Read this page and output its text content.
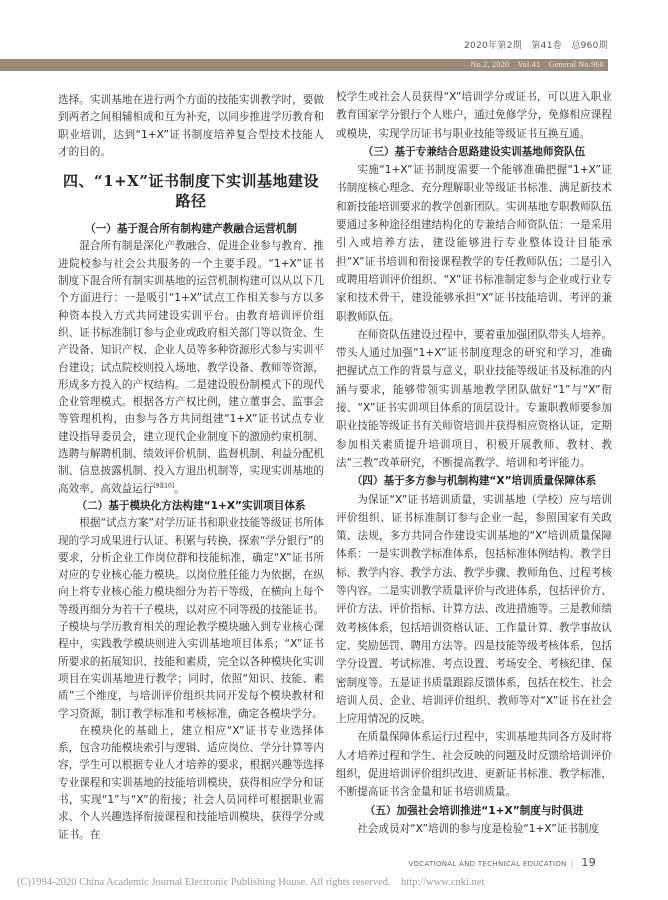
2020年第2期　第41卷　总960期
No.2, 2020　Vol.41　General No.960

选择。实训基地在进行两个方面的技能实训教学时，要做到两者之间相辅相成和互为补充，以同步推进学历教育和职业培训，达到“1+X”证书制度培养复合型技术技能人才的目的。

四、“1+X”证书制度下实训基地建设路径
（一）基于混合所有制构建产教融合运营机制

混合所有制是深化产教融合、促进企业参与教育、推进院校参与社会公共服务的一个主要手段。“1+X”证书制度下混合所有制实训基地的运营机制构建可以从以下几个方面进行：一是吸引“1+X”试点工作相关参与方以多种资本投入方式共同建设实训平台。由教育培训评价组织、证书标准制订参与企业或政府相关部门等以资金、生产设备、知识产权、企业人员等多种资源形式参与实训平台建设；试点院校则投入场地、教学设备、教师等资源，形成多方投入的产权结构。二是建设股份制模式下的现代企业管理模式。根据各方产权比例，建立董事会、监事会等管理机构，由参与各方共同组建“1+X”证书试点专业建设指导委员会，建立现代企业制度下的激励约束机制、选聘与解聘机制、绩效评价机制、监督机制、利益分配机制、信息披露机制、投入方退出机制等，实现实训基地的高效率、高效益运行[9][10]。

（二）基于模块化方法构建“1+X”实训项目体系

根据“试点方案”对学历证书和职业技能等级证书所体现的学习成果进行认证、积累与转换，探索“学分银行”的要求，分析企业工作岗位群和技能标准，确定“X”证书所对应的专业核心能力模块。以岗位胜任能力为依据，在纵向上将专业核心能力模块细分为若干等级，在横向上每个等级再细分为若干子模块，以对应不同等级的技能证书。子模块与学历教育相关的理论教学模块融入到专业核心课程中，实践教学模块则进入实训基地项目体系；“X”证书所要求的拓展知识、技能和素质，完全以各种模块化实训项目在实训基地进行教学；同时，依照“知识、技能、素质”三个维度，与培训评价组织共同开发每个模块教材和学习资源，制订教学标准和考核标准，确定各模块学分。

在模块化的基础上，建立相应“X”证书专业选择体系，包含功能模块索引与逻辑、适应岗位、学分计算等内容，学生可以根据专业人才培养的要求，根据兴趣等选择专业课程和实训基地的技能培训模块，获得相应学分和证书，实现“1”与“X”的衔接；社会人员同样可根据职业需求、个人兴趣选择衔接课程和技能培训模块，获得学分或证书。在

校学生或社会人员获得“X”培训学分或证书，可以进入职业教育国家学分银行个人账户，通过免修学分，免修相应课程或模块，实现学历证书与职业技能等级证书互换互通。

（三）基于专兼结合思路建设实训基地师资队伍

实施“1+X”证书制度需要一个能够准确把握“1+X”证书制度核心理念、充分理解职业等级证书标准、满足新技术和新技能培训要求的教学创新团队。实训基地专职教师队伍要通过多种途径组建结构化的专兼结合师资队伍：一是采用引入或培养方法，建设能够进行专业整体设计目能承担“X”证书培训和衔接课程教学的专任教师队伍；二是引入或聘用培训评价组织、“X”证书标准制定参与企业或行业专家和技术骨干，建设能够承担“X”证书技能培训、考评的兼职教师队伍。

在师资队伍建设过程中，要着重加强团队带头人培养。带头人通过加强“1+X”证书制度理念的研究和学习，准确把握试点工作的背景与意义，职业技能等级证书及标准的内涵与要求，能够带领实训基地教学团队做好“1”与“X”衔接、“X”证书实训项目体系的顶层设计。专兼职教师要参加职业技能等级证书有关师资培训并获得相应资格认证，定期参加相关素质提升培训项目，积极开展教师、教材、教法“三教”改革研究，不断提高教学、培训和考评能力。

（四）基于多方参与机制构建“X”培训质量保障体系

为保证“X”证书培训质量，实训基地（学校）应与培训评价组织、证书标准制订参与企业一起，参照国家有关政策、法规，多方共同合作建设实训基地的“X”培训质量保障体系：一是实训教学标准体系，包括标准体例结构、教学目标、教学内容、教学方法、教学步骤、教师角色、过程考核等内容。二是实训教学质量评价与改进体系，包括评价方、评价方法、评价指标、计算方法、改进措施等。三是教师绩效考核体系，包括培训资格认证、工作量计算、教学事故认定、奖励惩罚、聘用方法等。四是技能等级考核体系，包括学分设置、考试标准、考点设置、考场安全、考核纪律、保密制度等。五是证书质量跟踪反馈体系，包括在校生、社会培训人员、企业、培训评价组织、教师等对“X”证书在社会上应用情况的反映。

在质量保障体系运行过程中，实训基地共同各方及时将人才培养过程和学生、社会反映的问题及时反馈给培训评价组织，促进培训评价组织改进、更新证书标准、教学标准，不断提高证书含金量和证书培训质量。

（五）加强社会培训推进“1+X”制度与时俱进

社会成员对“X”培训的参与度是检验“1+X”证书制度

VOCATIONAL AND TECHNICAL EDUCATION | 19
(C)1994-2020 China Academic Journal Electronic Publishing House. All rights reserved.　http://www.cnki.net
